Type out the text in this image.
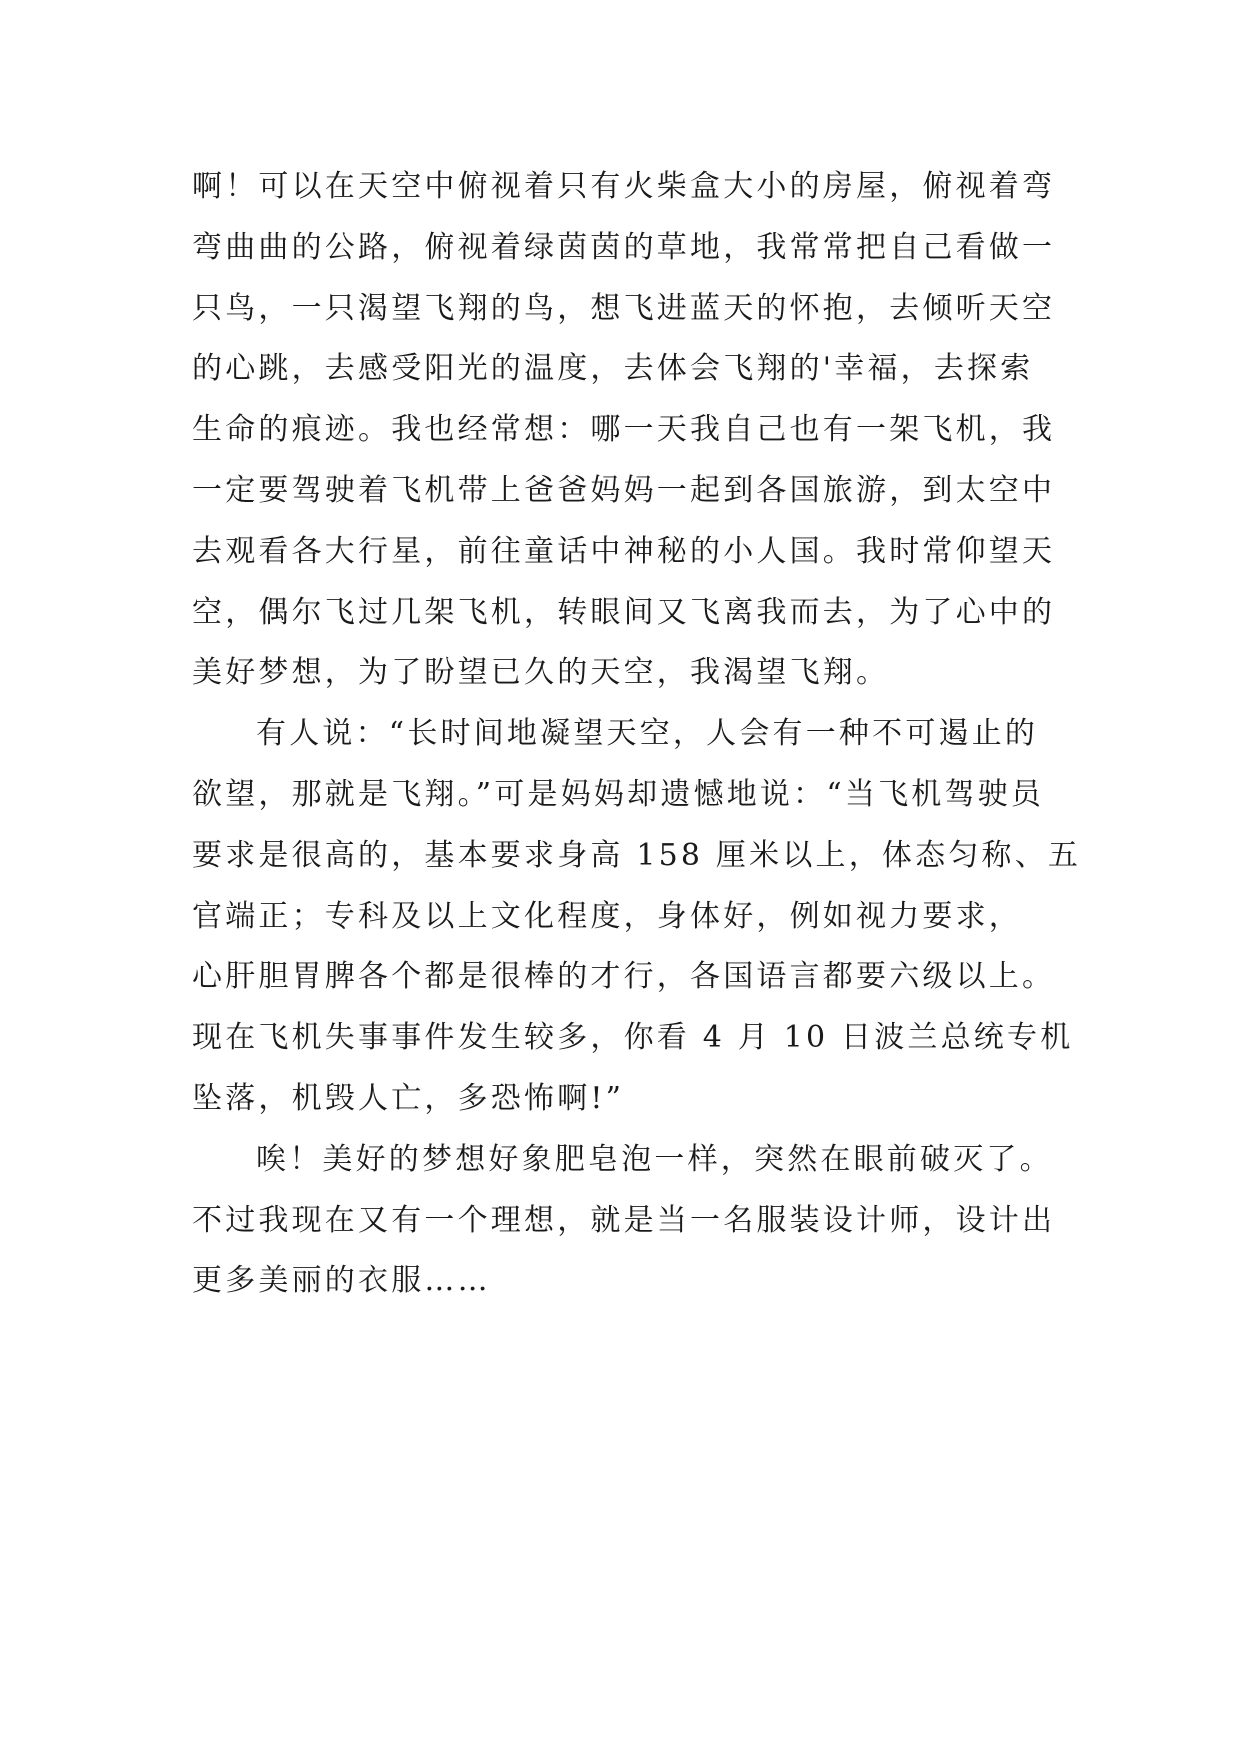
啊！可以在天空中俯视着只有火柴盒大小的房屋，俯视着弯
弯曲曲的公路，俯视着绿茵茵的草地，我常常把自己看做一
只鸟，一只渴望飞翔的鸟，想飞进蓝天的怀抱，去倾听天空
的心跳，去感受阳光的温度，去体会飞翔的'幸福，去探索
生命的痕迹。我也经常想：哪一天我自己也有一架飞机，我
一定要驾驶着飞机带上爸爸妈妈一起到各国旅游，到太空中
去观看各大行星，前往童话中神秘的小人国。我时常仰望天
空，偶尔飞过几架飞机，转眼间又飞离我而去，为了心中的
美好梦想，为了盼望已久的天空，我渴望飞翔。
有人说：“长时间地凝望天空，人会有一种不可遏止的
欲望，那就是飞翔。”可是妈妈却遗憾地说：“当飞机驾驶员
要求是很高的，基本要求身高 158 厘米以上，体态匀称、五
官端正；专科及以上文化程度，身体好，例如视力要求，
心肝胆胃脾各个都是很棒的才行，各国语言都要六级以上。
现在飞机失事事件发生较多，你看 4 月 10 日波兰总统专机
坠落，机毁人亡，多恐怖啊!”
唉！美好的梦想好象肥皂泡一样，突然在眼前破灭了。
不过我现在又有一个理想，就是当一名服装设计师，设计出
更多美丽的衣服……
